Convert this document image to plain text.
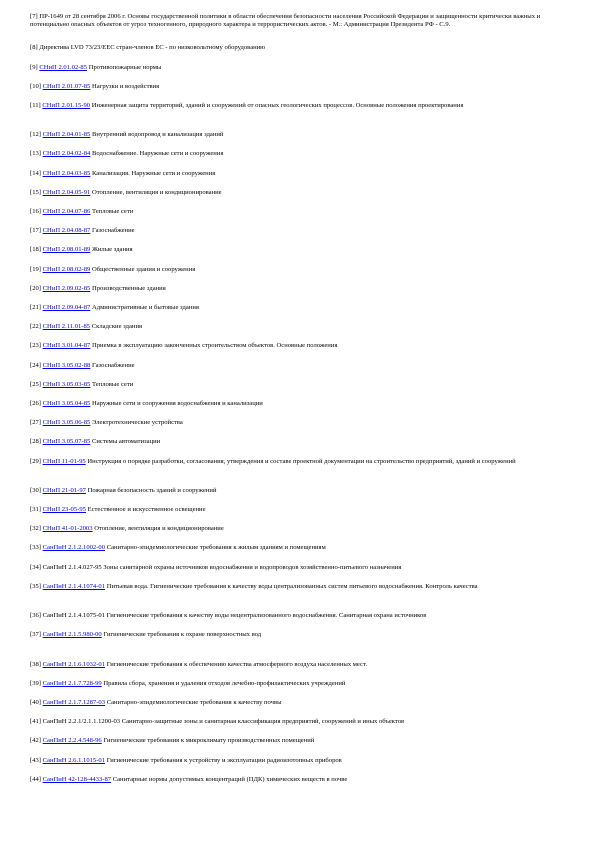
[7] ПР-1649 от 28 сентября 2006 г. Основы государственной политики в области обеспечения безопасности населения Российской Федерации и защищенности критически важных и потенциально опасных объектов от угроз техногенного, природного характера и террористических актов. - М.: Администрация Президента РФ - С.9.

[8] Директива LVD 73/23/EEC стран-членов ЕС - по низковольтному оборудованию

[9] СНиП 2.01.02-85 Противопожарные нормы

[10] СНиП 2.01.07-85 Нагрузки и воздействия

[11] СНиП 2.01.15-90 Инженерная защита территорий, зданий и сооружений от опасных геологических процессов. Основные положения проектирования

[12] СНиП 2.04.01-85 Внутренний водопровод и канализация зданий

[13] СНиП 2.04.02-84 Водоснабжение. Наружные сети и сооружения

[14] СНиП 2.04.03-85 Канализация. Наружные сети и сооружения

[15] СНиП 2.04.05-91 Отопление, вентиляция и кондиционирование

[16] СНиП 2.04.07-86 Тепловые сети

[17] СНиП 2.04.08-87 Газоснабжение

[18] СНиП 2.08.01-89 Жилые здания

[19] СНиП 2.08.02-89 Общественные здания и сооружения

[20] СНиП 2.09.02-85 Производственные здания

[21] СНиП 2.09.04-87 Административные и бытовые здания

[22] СНиП 2.11.01-85 Складские здания

[23] СНиП 3.01.04-87 Приемка в эксплуатацию законченных строительством объектов. Основные положения

[24] СНиП 3.05.02-88 Газоснабжение

[25] СНиП 3.05.03-85 Тепловые сети

[26] СНиП 3.05.04-85 Наружные сети и сооружения водоснабжения и канализации

[27] СНиП 3.05.06-85 Электротехнические устройства

[28] СНиП 3.05.07-85 Системы автоматизации

[29] СНиП 11-01-95 Инструкция о порядке разработки, согласования, утверждения и составе проектной документации на строительство предприятий, зданий и сооружений

[30] СНиП 21-01-97 Пожарная безопасность зданий и сооружений

[31] СНиП 23-05-95 Естественное и искусственное освещение

[32] СНиП 41-01-2003 Отопление, вентиляция и кондиционирование

[33] СанПиН 2.1.2.1002-00 Санитарно-эпидемиологические требования к жилым зданиям и помещениям

[34] СанПиН 2.1.4.027-95 Зоны санитарной охраны источников водоснабжения и водопроводов хозяйственно-питьевого назначения

[35] СанПиН 2.1.4.1074-01 Питьевая вода. Гигиенические требования к качеству воды централизованных систем питьевого водоснабжения. Контроль качества

[36] СанПиН 2.1.4.1075-01 Гигиенические требования к качеству воды нецентрализованного водоснабжения. Санитарная охрана источников

[37] СанПиН 2.1.5.980-00 Гигиенические требования к охране поверхностных вод

[38] СанПиН 2.1.6.1032-01 Гигиенические требования к обеспечению качества атмосферного воздуха населенных мест.

[39] СанПиН 2.1.7.728-99 Правила сбора, хранения и удаления отходов лечебно-профилактических учреждений

[40] СанПиН 2.1.7.1287-03 Санитарно-эпидемиологические требования к качеству почвы

[41] СанПиН 2.2.1/2.1.1.1200-03 Санитарно-защитные зоны и санитарная классификация предприятий, сооружений и иных объектов

[42] СанПиН 2.2.4.548-96 Гигиенические требования к микроклимату производственных помещений

[43] СанПиН 2.6.1.1015-01 Гигиенические требования к устройству и эксплуатации радиоизотопных приборов

[44] СанПиН 42-128-4433-87 Санитарные нормы допустимых концентраций (ПДК) химических веществ в почве
